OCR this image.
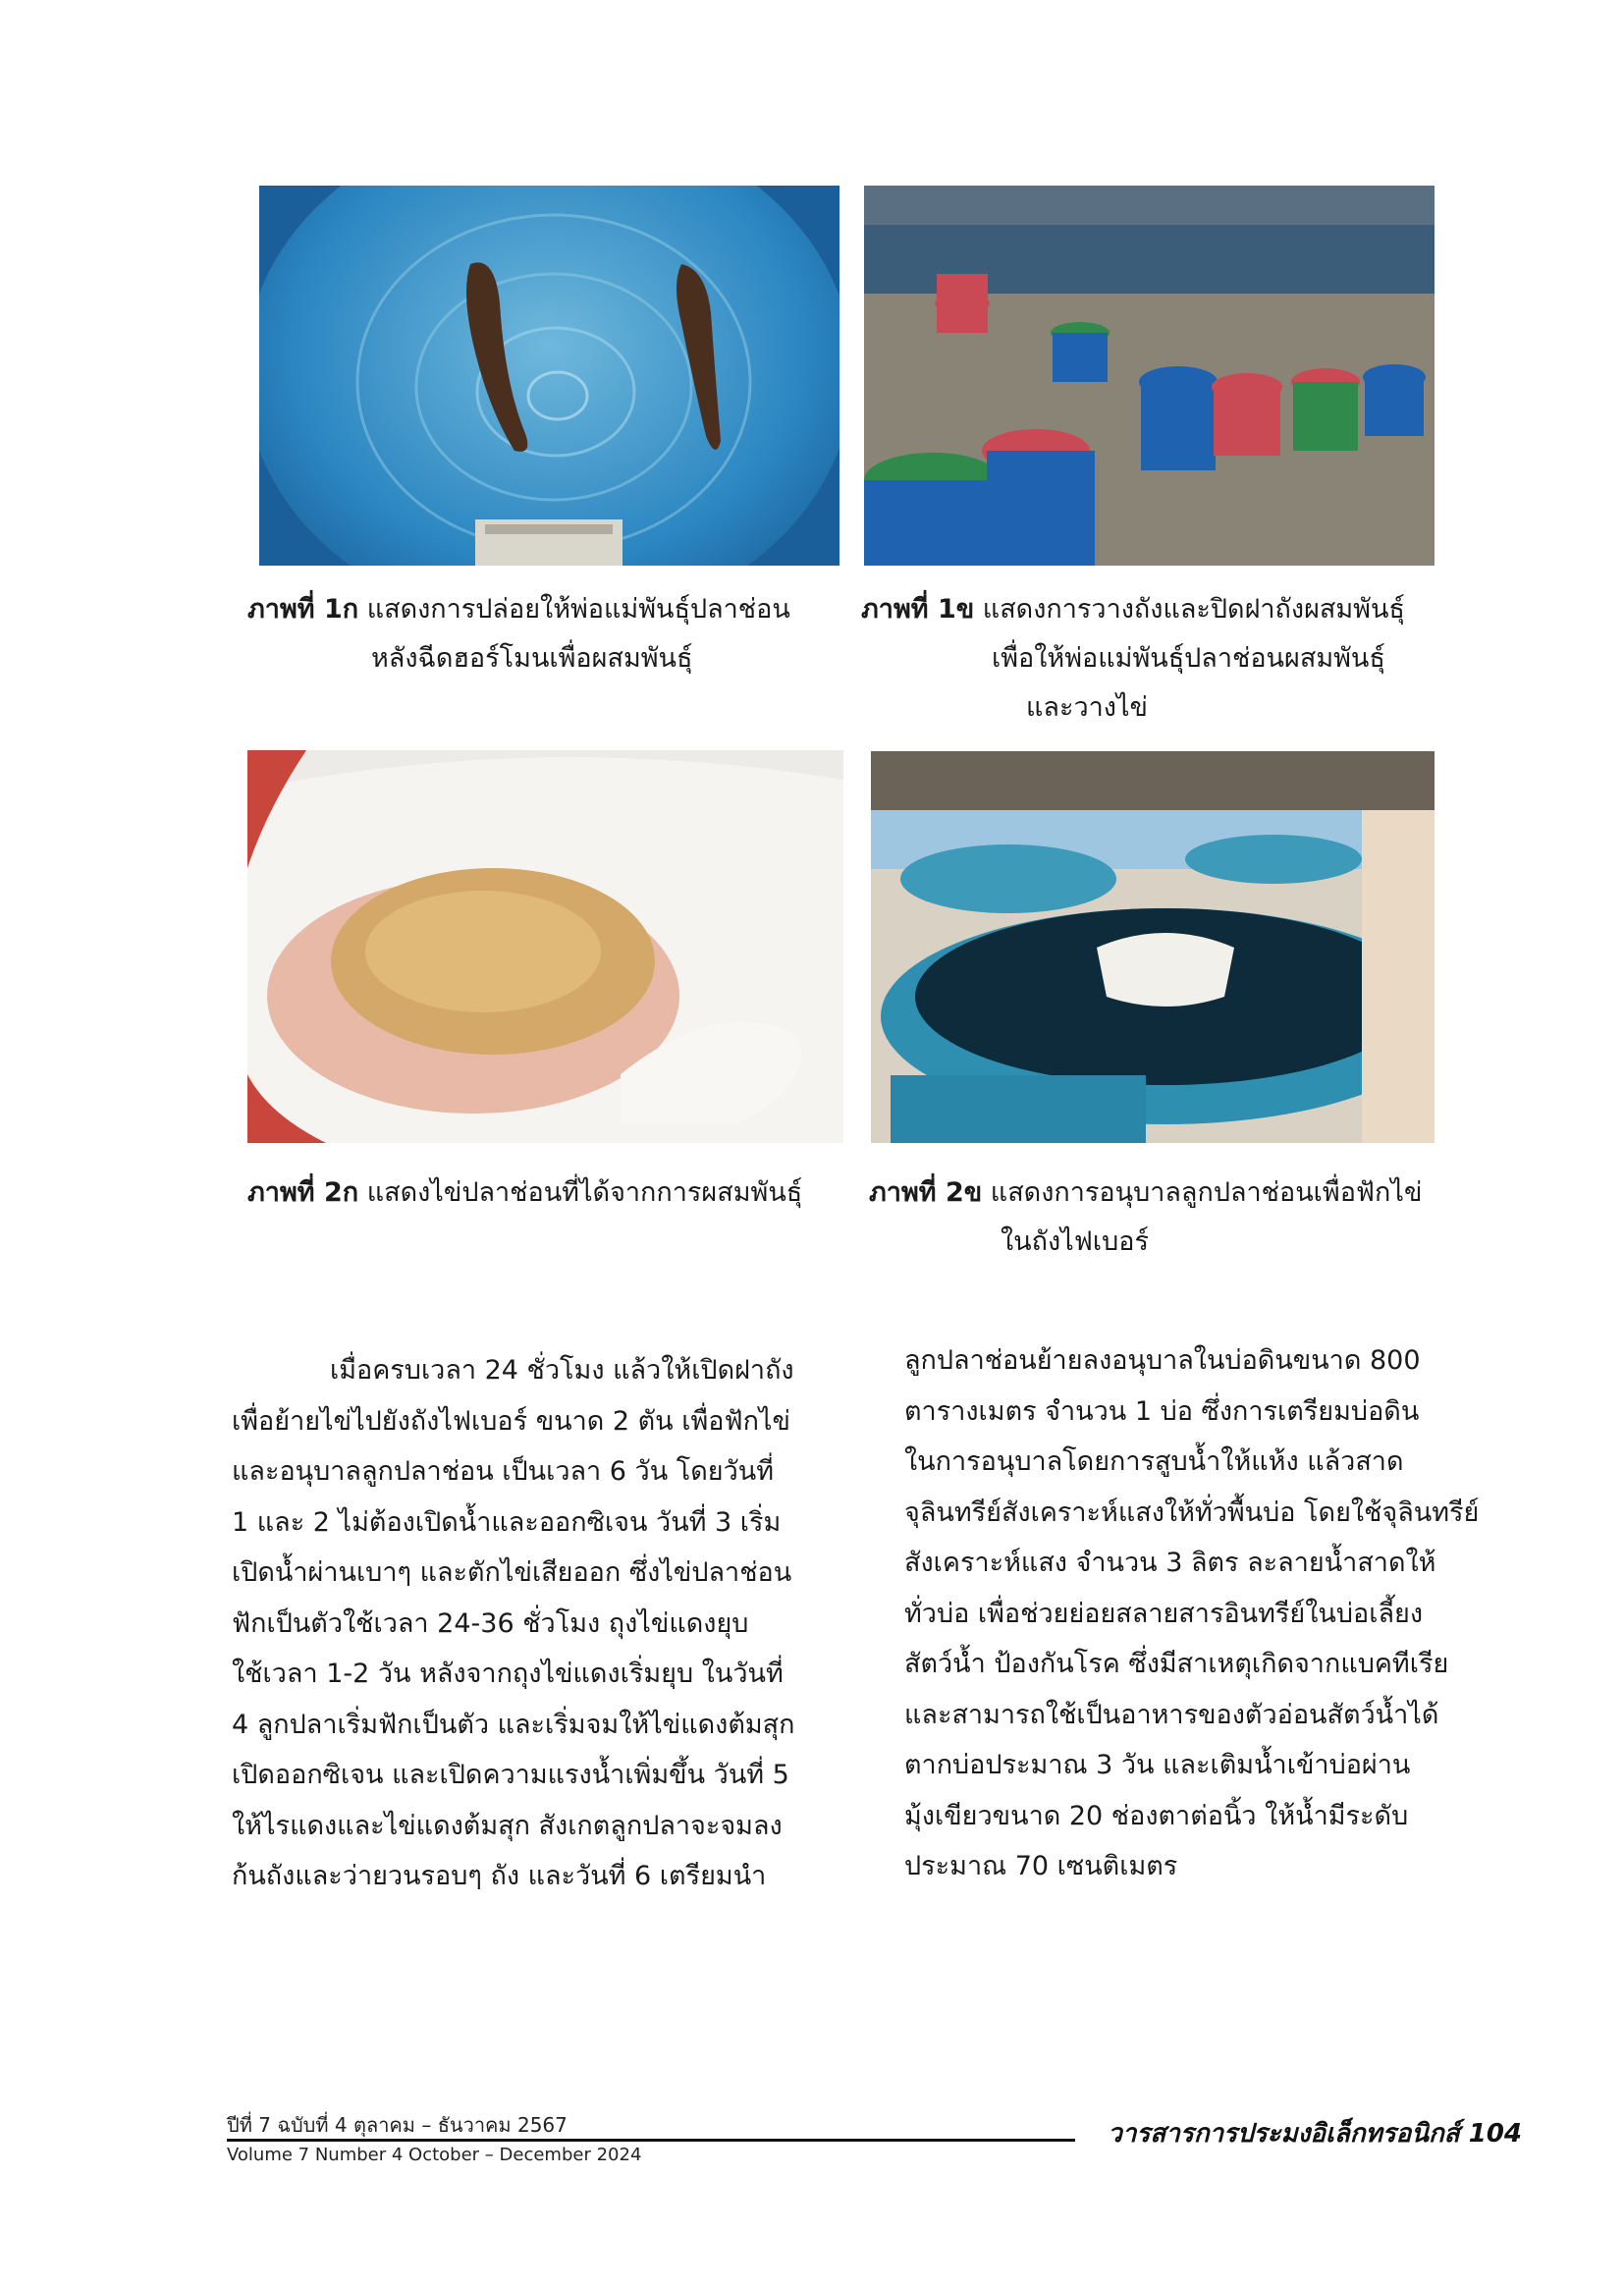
ภาพที่ 1ก แสดงการปล่อยให้พ่อแม่พันธุ์ปลาช่อน
หลังฉีดฮอร์โมนเพื่อผสมพันธุ์
ภาพที่ 1ข แสดงการวางถังและปิดฝาถังผสมพันธุ์
เพื่อให้พ่อแม่พันธุ์ปลาช่อนผสมพันธุ์
และวางไข่
ภาพที่ 2ก แสดงไข่ปลาช่อนที่ได้จากการผสมพันธุ์	ภาพที่ 2ข แสดงการอนุบาลลูกปลาช่อนเพื่อฟักไข่
ในถังไฟเบอร์
เมื่อครบเวลา 24 ชั่วโมง แล้วให้เปิดฝาถัง
เพื่อย้ายไข่ไปยังถังไฟเบอร์ ขนาด 2 ตัน เพื่อฟักไข่
และอนุบาลลูกปลาช่อน เป็นเวลา 6 วัน โดยวันที่
1 และ 2 ไม่ต้องเปิดน้ำและออกซิเจน วันที่ 3 เริ่ม
เปิดน้ำผ่านเบาๆ และตักไข่เสียออก ซึ่งไข่ปลาช่อน
ฟักเป็นตัวใช้เวลา 24-36 ชั่วโมง ถุงไข่แดงยุบ
ใช้เวลา 1-2 วัน หลังจากถุงไข่แดงเริ่มยุบ ในวันที่
4 ลูกปลาเริ่มฟักเป็นตัว และเริ่มจมให้ไข่แดงต้มสุก
เปิดออกซิเจน และเปิดความแรงน้ำเพิ่มขึ้น วันที่ 5
ให้ไรแดงและไข่แดงต้มสุก สังเกตลูกปลาจะจมลง
ก้นถังและว่ายวนรอบๆ ถัง และวันที่ 6 เตรียมนำ
ลูกปลาช่อนย้ายลงอนุบาลในบ่อดินขนาด 800
ตารางเมตร จำนวน 1 บ่อ ซึ่งการเตรียมบ่อดิน
ในการอนุบาลโดยการสูบน้ำให้แห้ง แล้วสาด
จุลินทรีย์สังเคราะห์แสงให้ทั่วพื้นบ่อ โดยใช้จุลินทรีย์
สังเคราะห์แสง จำนวน 3 ลิตร ละลายน้ำสาดให้
ทั่วบ่อ เพื่อช่วยย่อยสลายสารอินทรีย์ในบ่อเลี้ยง
สัตว์น้ำ ป้องกันโรค ซึ่งมีสาเหตุเกิดจากแบคทีเรีย
และสามารถใช้เป็นอาหารของตัวอ่อนสัตว์น้ำได้
ตากบ่อประมาณ 3 วัน และเติมน้ำเข้าบ่อผ่าน
มุ้งเขียวขนาด 20 ช่องตาต่อนิ้ว ให้น้ำมีระดับ
ประมาณ 70 เซนติเมตร
ปีที่ 7 ฉบับที่ 4 ตุลาคม – ธันวาคม 2567
Volume 7 Number 4 October – December 2024
วารสารการประมงอิเล็กทรอนิกส์ 104
